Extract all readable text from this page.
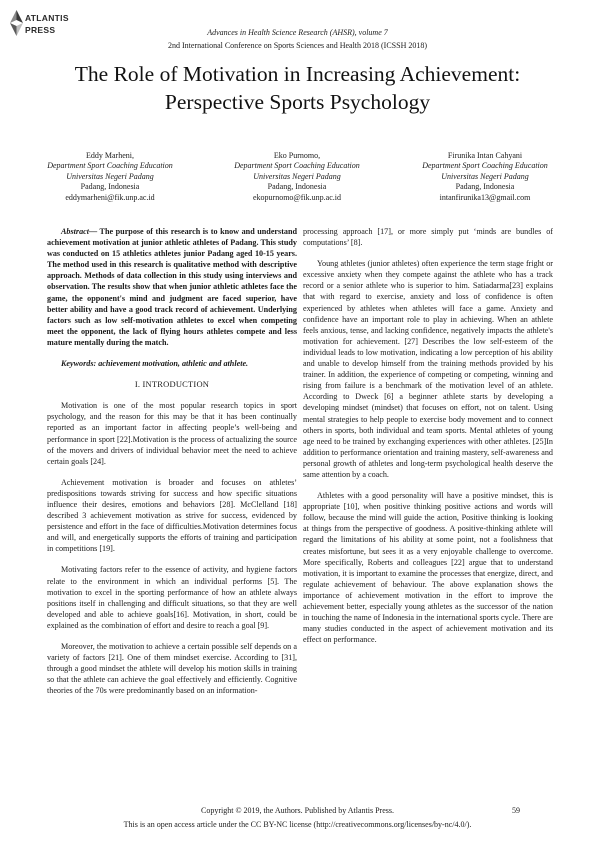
ATLANTIS
PRESS	Advances in Health Science Research (AHSR), volume 7
2nd International Conference on Sports Sciences and Health 2018 (ICSSH 2018)
The Role of Motivation in Increasing Achievement:
Perspective Sports Psychology
Eddy Marheni,
Department Sport Coaching Education
Universitas Negeri Padang
Padang, Indonesia
eddymarheni@fik.unp.ac.id
Eko Purnomo,
Department Sport Coaching Education
Universitas Negeri Padang
Padang, Indonesia
ekopurnomo@fik.unp.ac.id
Firunika Intan Cahyani
Department Sport Coaching Education
Universitas Negeri Padang
Padang, Indonesia
intanfirunika13@gmail.com

Abstract— The purpose of this research is to know and understand achievement motivation at junior athletic athletes of Padang. This study was conducted on 15 athletics athletes junior Padang aged 10-15 years. The method used in this research is qualitative method with descriptive approach. Methods of data collection in this study using interviews and observation. The results show that when junior athletic athletes face the game, the opponent's mind and judgment are faced superior, have better ability and have a good track record of achievement. Underlying factors such as low self-motivation athletes to excel when competing meet the opponent, the lack of flying hours athletes compete and less mature mentally during the match.

Keywords: achievement motivation, athletic and athlete.

I. INTRODUCTION

Motivation is one of the most popular research topics in sport psychology, and the reason for this may be that it has been continually reported as an important factor in affecting people’s well-being and performance in sport [22].Motivation is the process of actualizing the source of the movers and drivers of individual behavior meet the need to achieve certain goals [24].

Achievement motivation is broader and focuses on athletes’ predispositions towards striving for success and how specific situations influence their desires, emotions and behaviors [28]. McClelland [18] described 3 achievement motivation as strive for success, evidenced by persistence and effort in the face of difficulties.Motivation determines focus and will, and energetically supports the efforts of training and participation in competitions [19].

Motivating factors refer to the essence of activity, and hygiene factors relate to the environment in which an individual performs [5]. The motivation to excel in the sporting performance of how an athlete always positions itself in challenging and difficult situations, so that they are well developed and able to achieve goals[16]. Motivation, in short, could be explained as the combination of effort and desire to reach a goal [9].

Moreover, the motivation to achieve a certain possible self depends on a variety of factors [21]. One of them mindset exercise. According to [31], through a good mindset the athlete will develop his motion skills in training so that the athlete can achieve the goal effectively and efficiently. Cognitive theories of the 70s were predominantly based on an information-

processing approach [17], or more simply put ‘minds are bundles of computations’ [8].

Young athletes (junior athletes) often experience the term stage fright or excessive anxiety when they compete against the athlete who has a track record or a senior athlete who is superior to him. Satiadarma[23] explains that with regard to exercise, anxiety and loss of confidence is often experienced by athletes when athletes will face a game. Anxiety and confidence have an important role to play in achieving. When an athlete feels anxious, tense, and lacking confidence, negatively impacts the athlete's motivation for achievement. [27] Describes the low self-esteem of the individual leads to low motivation, indicating a low perception of his ability and unable to develop himself from the training methods provided by his trainer. In addition, the experience of competing or competing, winning and rising from failure is a benchmark of the motivation level of an athlete. According to Dweck [6] a beginner athlete starts by developing a developing mindset (mindset) that focuses on effort, not on talent. Using mental strategies to help people to exercise body movement and to connect others in sports, both individual and team sports. Mental athletes of young age need to be trained by exchanging experiences with other athletes. [25]In addition to performance orientation and training mastery, self-awareness and personal growth of athletes and long-term psychological health deserve the same attention by a coach.

Athletes with a good personality will have a positive mindset, this is appropriate [10], when positive thinking positive actions and words will follow, because the mind will guide the action, Positive thinking is looking at things from the perspective of goodness. A positive-thinking athlete will regard the limitations of his ability at some point, not a foolishness that creates misfortune, but sees it as a very enjoyable challenge to overcome. More specifically, Roberts and colleagues [22] argue that to understand motivation, it is important to examine the processes that energize, direct, and regulate achievement of behaviour. The above explanation shows the importance of achievement motivation in the effort to improve the achievement better, especially young athletes as the successor of the nation in touching the name of Indonesia in the international sports cycle. There are many studies conducted in the aspect of achievement motivation and its effect on performance.

Copyright © 2019, the Authors. Published by Atlantis Press.	59
This is an open access article under the CC BY-NC license (http://creativecommons.org/licenses/by-nc/4.0/).
